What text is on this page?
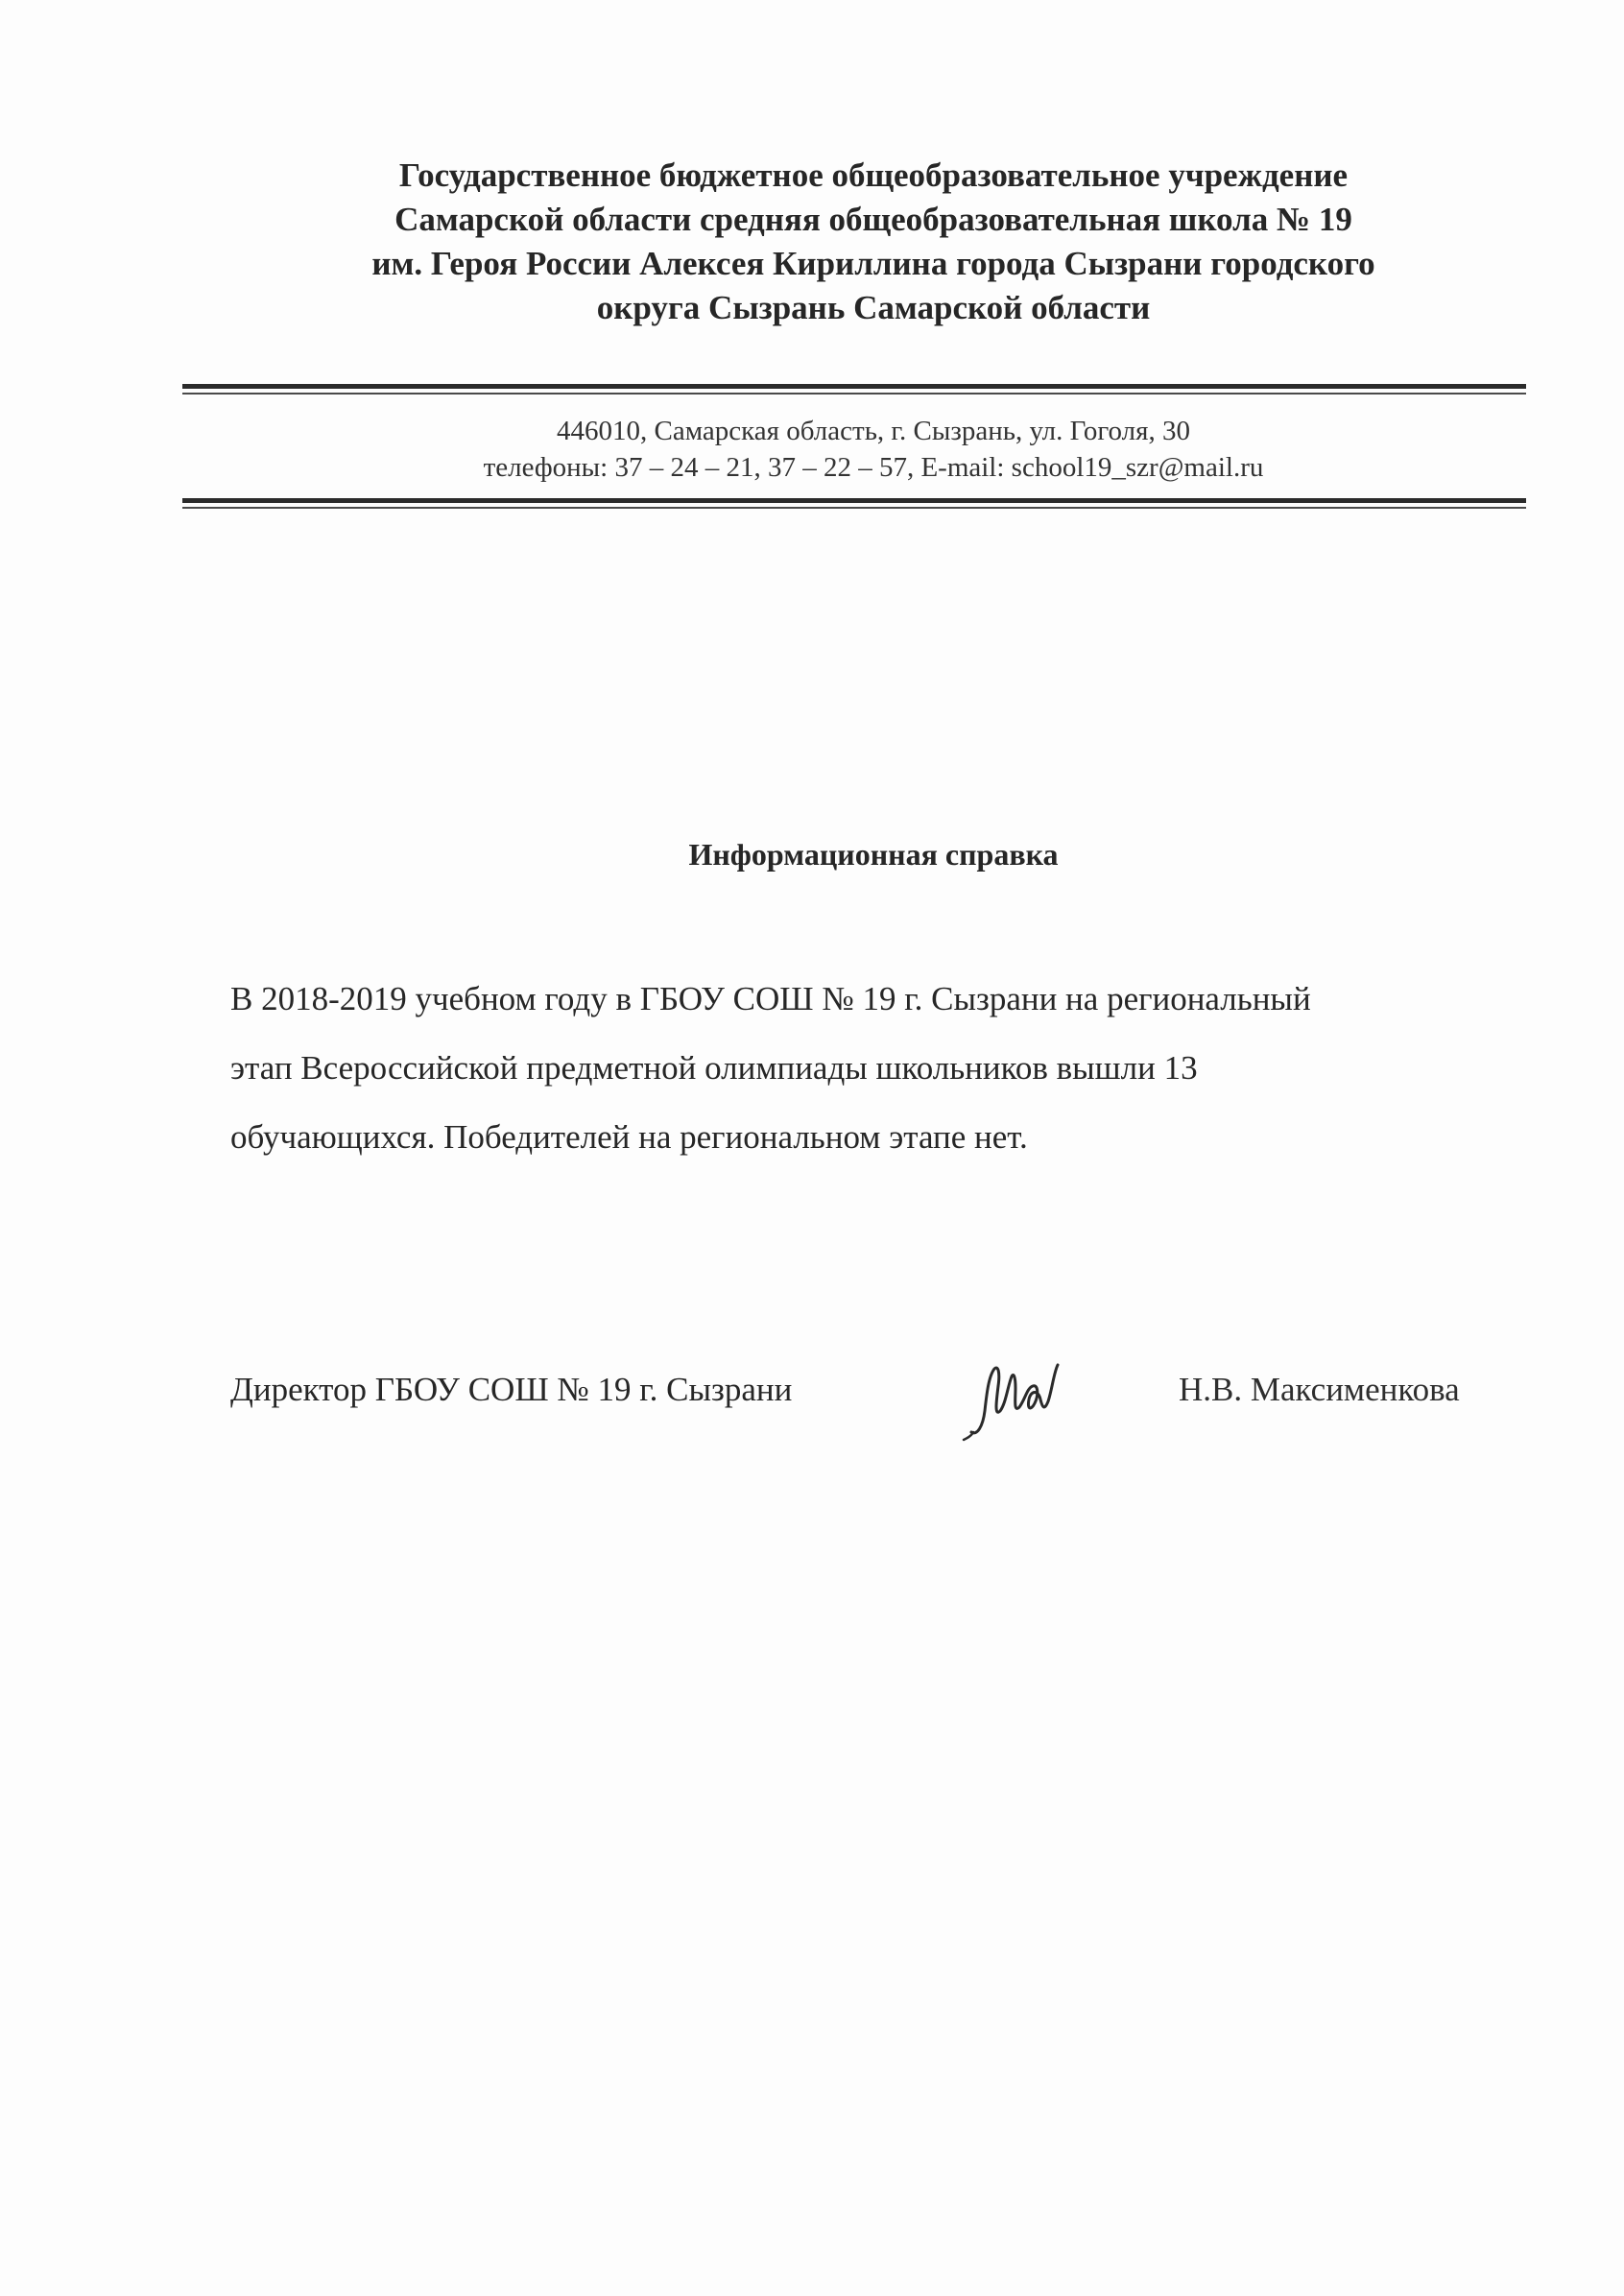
Государственное бюджетное общеобразовательное учреждение
Самарской области средняя общеобразовательная школа № 19
им. Героя России Алексея Кириллина города Сызрани городского
округа Сызрань Самарской области
446010, Самарская область, г. Сызрань, ул. Гоголя, 30
телефоны: 37 – 24 – 21, 37 – 22 – 57, E-mail: school19_szr@mail.ru
Информационная справка
В 2018-2019 учебном году в ГБОУ СОШ № 19 г. Сызрани на региональный
этап Всероссийской предметной олимпиады школьников вышли 13
обучающихся. Победителей на региональном этапе нет.
Директор ГБОУ СОШ № 19 г. Сызрани	Н.В. Максименкова
